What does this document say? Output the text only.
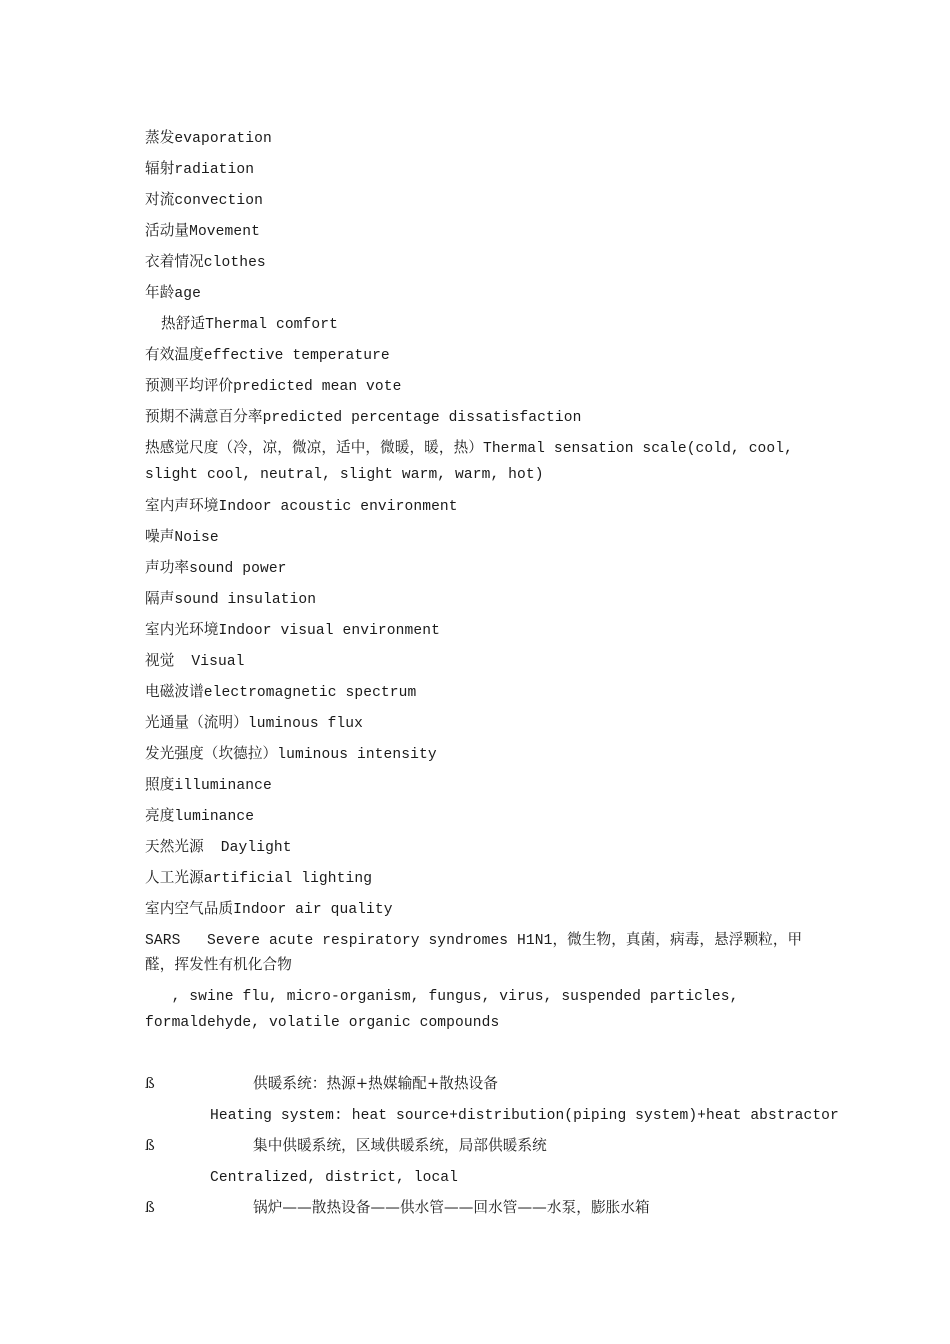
蒸发evaporation
辐射radiation
对流convection
活动量Movement
衣着情况clothes
年龄age
热舒适Thermal comfort
有效温度effective temperature
预测平均评价predicted mean vote
预期不满意百分率predicted percentage dissatisfaction
热感觉尺度（冷，凉，微凉，适中，微暖，暖，热）Thermal sensation scale(cold, cool, slight cool, neutral, slight warm, warm, hot)
室内声环境Indoor acoustic environment
噪声Noise
声功率sound power
隔声sound insulation
室内光环境Indoor visual environment
视觉 Visual
电磁波谱electromagnetic spectrum
光通量（流明）luminous flux
发光强度（坎德拉）luminous intensity
照度illuminance
亮度luminance
天然光源 Daylight
人工光源artificial lighting
室内空气品质Indoor air quality
SARS   Severe acute respiratory syndromes H1N1，微生物，真菌，病毒，悬浮颗粒，甲醛，挥发性有机化合物
, swine flu, micro-organism, fungus, virus, suspended particles, formaldehyde, volatile organic compounds
ß	供暖系统：热源+热媒输配+散热设备
Heating system: heat source+distribution(piping system)+heat abstractor
ß	集中供暖系统，区域供暖系统，局部供暖系统
Centralized, district, local
ß	锅炉——散热设备——供水管——回水管——水泵，膨胀水箱
